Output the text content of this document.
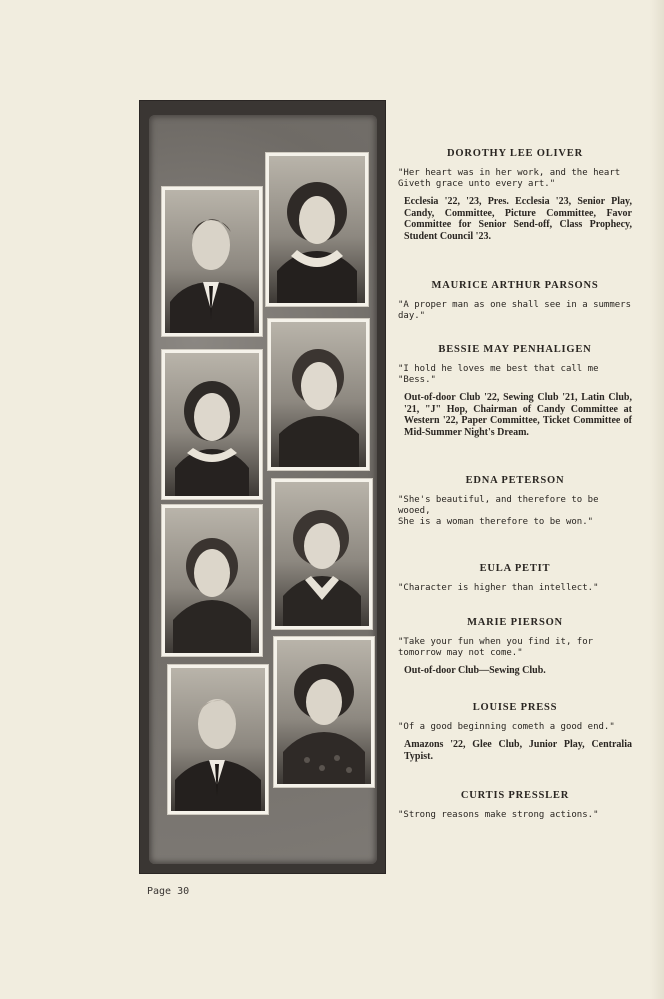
DOROTHY LEE OLIVER
"Her heart was in her work, and the heart
Giveth grace unto every art."
Ecclesia '22, '23, Pres. Ecclesia '23, Senior Play, Candy, Committee, Picture Committee, Favor Committee for Senior Send-off, Class Prophecy, Student Council '23.
MAURICE ARTHUR PARSONS
"A proper man as one shall see in a summers day."
BESSIE MAY PENHALIGEN
"I hold he loves me best that call me "Bess."
Out-of-door Club '22, Sewing Club '21, Latin Club, '21, "J" Hop, Chairman of Candy Committee at Western '22, Paper Committee, Ticket Committee of Mid-Summer Night's Dream.
EDNA PETERSON
"She's beautiful, and therefore to be wooed,
She is a woman therefore to be won."
EULA PETIT
"Character is higher than intellect."
MARIE PIERSON
"Take your fun when you find it, for tomorrow may not come."
Out-of-door Club—Sewing Club.
LOUISE PRESS
"Of a good beginning cometh a good end."
Amazons '22, Glee Club, Junior Play, Centralia Typist.
CURTIS PRESSLER
"Strong reasons make strong actions."
Page 30
